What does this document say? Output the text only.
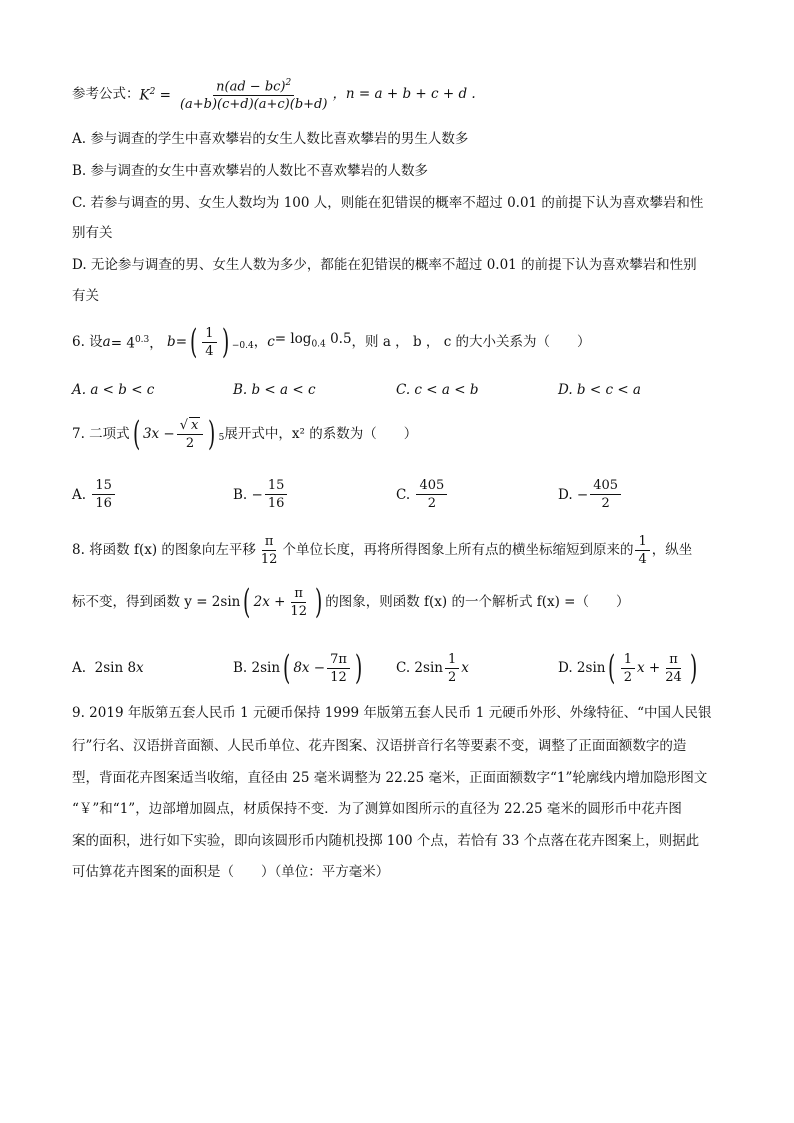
参考公式： $K^2 = \frac{n(ad - bc)^2}{(a+b)(c+d)(a+c)(b+d)}$ ，n = a + b + c + d .
A. 参与调查的学生中喜欢攀岩的女生人数比喜欢攀岩的男生人数多
B. 参与调查的女生中喜欢攀岩的人数比不喜欢攀岩的人数多
C. 若参与调查的男、女生人数均为 100 人，则能在犯错误的概率不超过 0.01 的前提下认为喜欢攀岩和性
别有关
D. 无论参与调查的男、女生人数为多少，都能在犯错误的概率不超过 0.01 的前提下认为喜欢攀岩和性别
有关
6. 设 $a = 4^{0.3}$， b = ( 1
4 ) $_{-0.4}$ ， $c = \log_{0.4} 0.5$ ，则 a ， b ， c 的大小关系为（　　）
A. a < b < c	B. b < a < c	C. c < a < b	D. b < c < a
7. 二项式 ( $3x - \frac{√ x}{2}$ ) $_5$ 展开式中，x² 的系数为（　　）
A.

15
16
B. −
15
16
C.

405
2
D. −
405
2
8. 将函数 f(x) 的图象向左平移
π
12
个单位长度，再将所得图象上所有点的横坐标缩短到原来的
1
4
，纵坐
标不变，得到函数 y = 2sin ( $2x + \frac{\pi}{12}$ ) 的图象，则函数 f(x) 的一个解析式 f(x) =（　　）
A. 2sin 8 x	B. 2sin ( $8x - \frac{7\pi}{12}$ )	C. 2sin
1
2
x	D. 2sin ( 1
2
$x + \frac{\pi}{24}$ )
9. 2019 年版第五套人民币 1 元硬币保持 1999 年版第五套人民币 1 元硬币外形、外缘特征、“中国人民银
行”行名、汉语拼音面额、人民币单位、花卉图案、汉语拼音行名等要素不变，调整了正面面额数字的造
型，背面花卉图案适当收缩，直径由 25 毫米调整为 22.25 毫米，正面面额数字“1”轮廓线内增加隐形图文
“￥”和“1”，边部增加圆点，材质保持不变．为了测算如图所示的直径为 22.25 毫米的圆形币中花卉图
案的面积，进行如下实验，即向该圆形币内随机投掷 100 个点，若恰有 33 个点落在花卉图案上，则据此
可估算花卉图案的面积是（　　）（单位：平方毫米）
